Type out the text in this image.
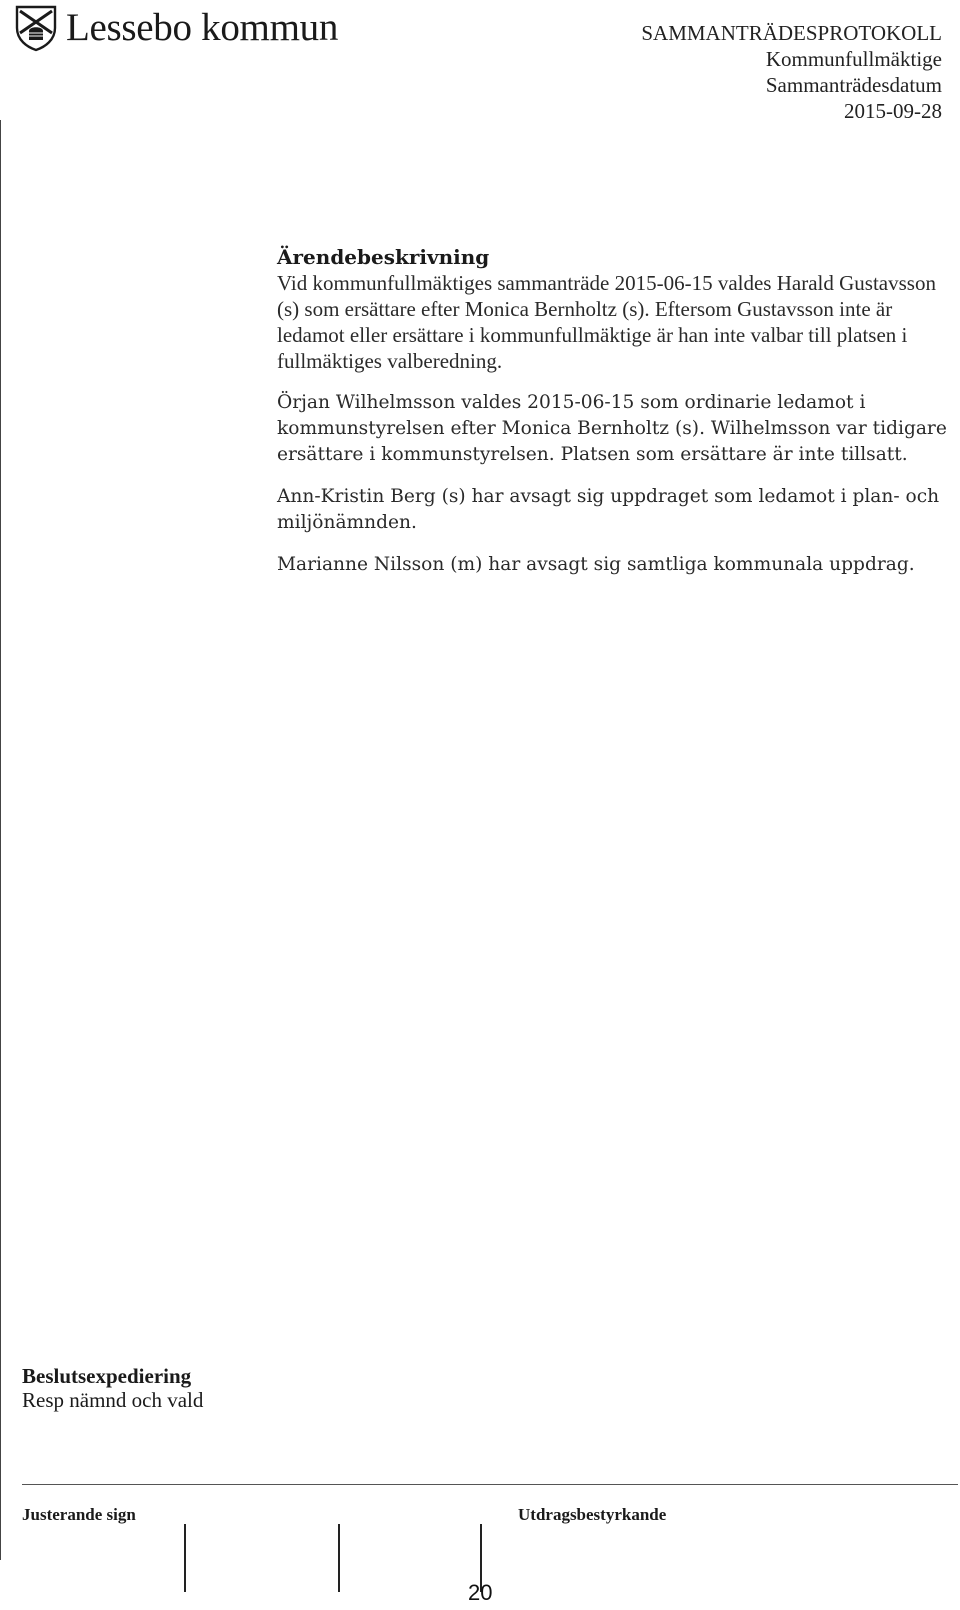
Lessebo kommun	SAMMANTRÄDESPROTOKOLL
Kommunfullmäktige
Sammanträdesdatum
2015-09-28
Ärendebeskrivning

Vid kommunfullmäktiges sammanträde 2015-06-15 valdes Harald Gustavsson (s) som ersättare efter Monica Bernholtz (s). Eftersom Gustavsson inte är ledamot eller ersättare i kommunfullmäktige är han inte valbar till platsen i fullmäktiges valberedning.

Örjan Wilhelmsson valdes 2015-06-15 som ordinarie ledamot i kommunstyrelsen efter Monica Bernholtz (s). Wilhelmsson var tidigare ersättare i kommunstyrelsen. Platsen som ersättare är inte tillsatt.

Ann-Kristin Berg (s) har avsagt sig uppdraget som ledamot i plan- och miljönämnden.

Marianne Nilsson (m) har avsagt sig samtliga kommunala uppdrag.

Beslutsexpediering
Resp nämnd och vald
Justerande sign	Utdragsbestyrkande
20
